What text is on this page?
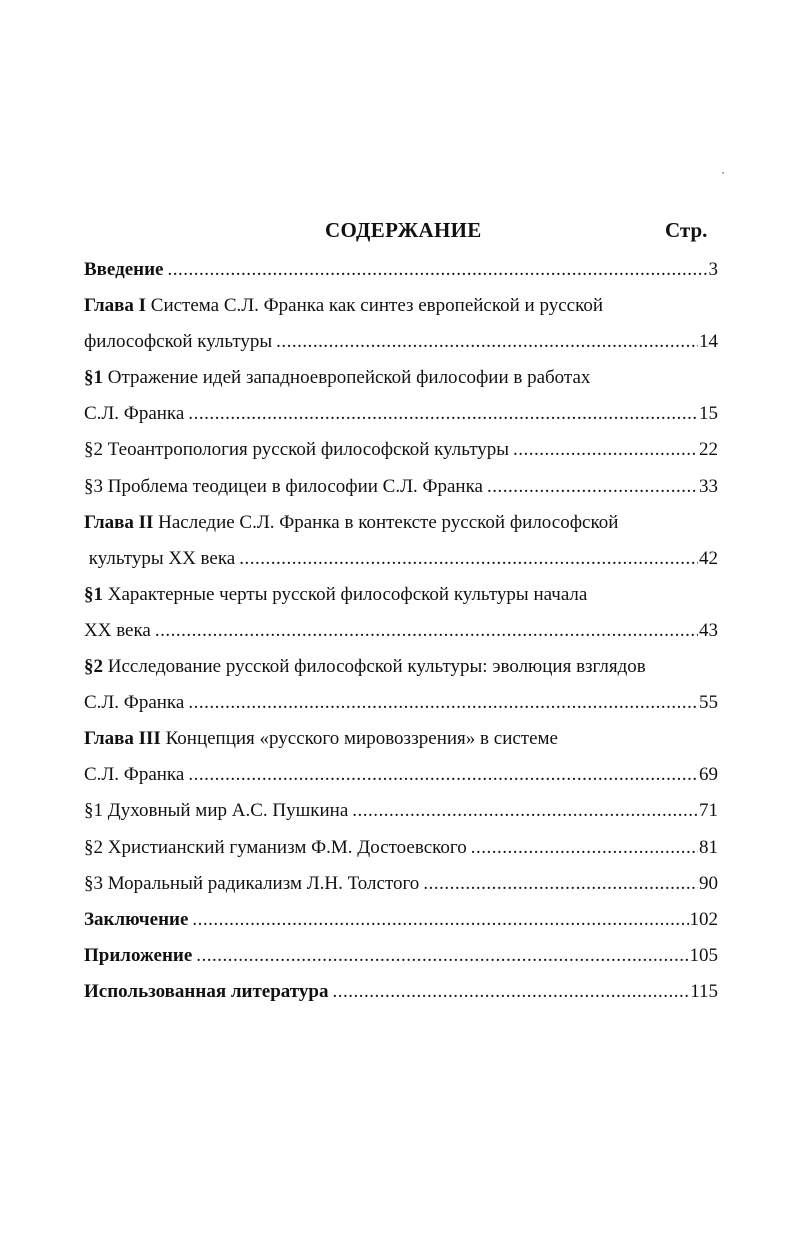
СОДЕРЖАНИЕ	Стр.
Введение .....	3
Глава I Система С.Л. Франка как синтез европейской и русской
философской культуры .....	14
§1 Отражение идей западноевропейской философии в работах
С.Л. Франка .....	15
§2 Теоантропология русской философской культуры .....	22
§3 Проблема теодицеи в философии С.Л. Франка .....	33
Глава II Наследие С.Л. Франка в контексте русской философской
культуры XX века .....	42
§1 Характерные черты русской философской культуры начала
XX века .....	43
§2 Исследование русской философской культуры: эволюция взглядов
С.Л. Франка .....	55
Глава III Концепция «русского мировоззрения» в системе
С.Л. Франка .....	69
§1 Духовный мир А.С. Пушкина .....	71
§2 Христианский гуманизм Ф.М. Достоевского .....	81
§3 Моральный радикализм Л.Н. Толстого .....	90
Заключение .....	102
Приложение .....	105
Использованная литература .....	115
